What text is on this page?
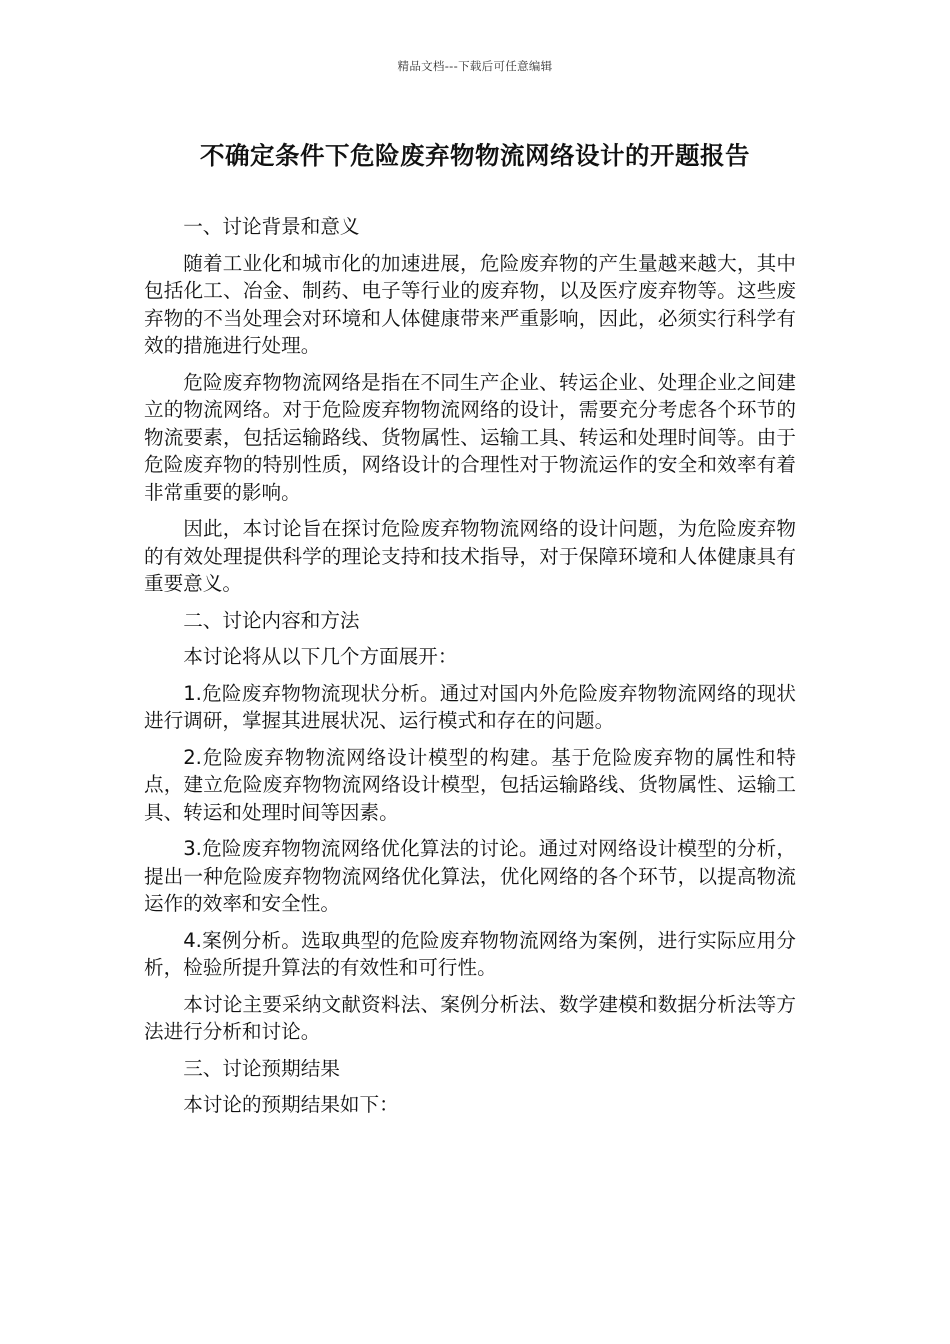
精品文档---下载后可任意编辑
不确定条件下危险废弃物物流网络设计的开题报告

一、讨论背景和意义

随着工业化和城市化的加速进展，危险废弃物的产生量越来越大，其中包括化工、冶金、制药、电子等行业的废弃物，以及医疗废弃物等。这些废弃物的不当处理会对环境和人体健康带来严重影响，因此，必须实行科学有效的措施进行处理。

危险废弃物物流网络是指在不同生产企业、转运企业、处理企业之间建立的物流网络。对于危险废弃物物流网络的设计，需要充分考虑各个环节的物流要素，包括运输路线、货物属性、运输工具、转运和处理时间等。由于危险废弃物的特别性质，网络设计的合理性对于物流运作的安全和效率有着非常重要的影响。

因此，本讨论旨在探讨危险废弃物物流网络的设计问题，为危险废弃物的有效处理提供科学的理论支持和技术指导，对于保障环境和人体健康具有重要意义。

二、讨论内容和方法

本讨论将从以下几个方面展开：

1.危险废弃物物流现状分析。通过对国内外危险废弃物物流网络的现状进行调研，掌握其进展状况、运行模式和存在的问题。

2.危险废弃物物流网络设计模型的构建。基于危险废弃物的属性和特点，建立危险废弃物物流网络设计模型，包括运输路线、货物属性、运输工具、转运和处理时间等因素。

3.危险废弃物物流网络优化算法的讨论。通过对网络设计模型的分析，提出一种危险废弃物物流网络优化算法，优化网络的各个环节，以提高物流运作的效率和安全性。

4.案例分析。选取典型的危险废弃物物流网络为案例，进行实际应用分析，检验所提升算法的有效性和可行性。

本讨论主要采纳文献资料法、案例分析法、数学建模和数据分析法等方法进行分析和讨论。

三、讨论预期结果

本讨论的预期结果如下：
